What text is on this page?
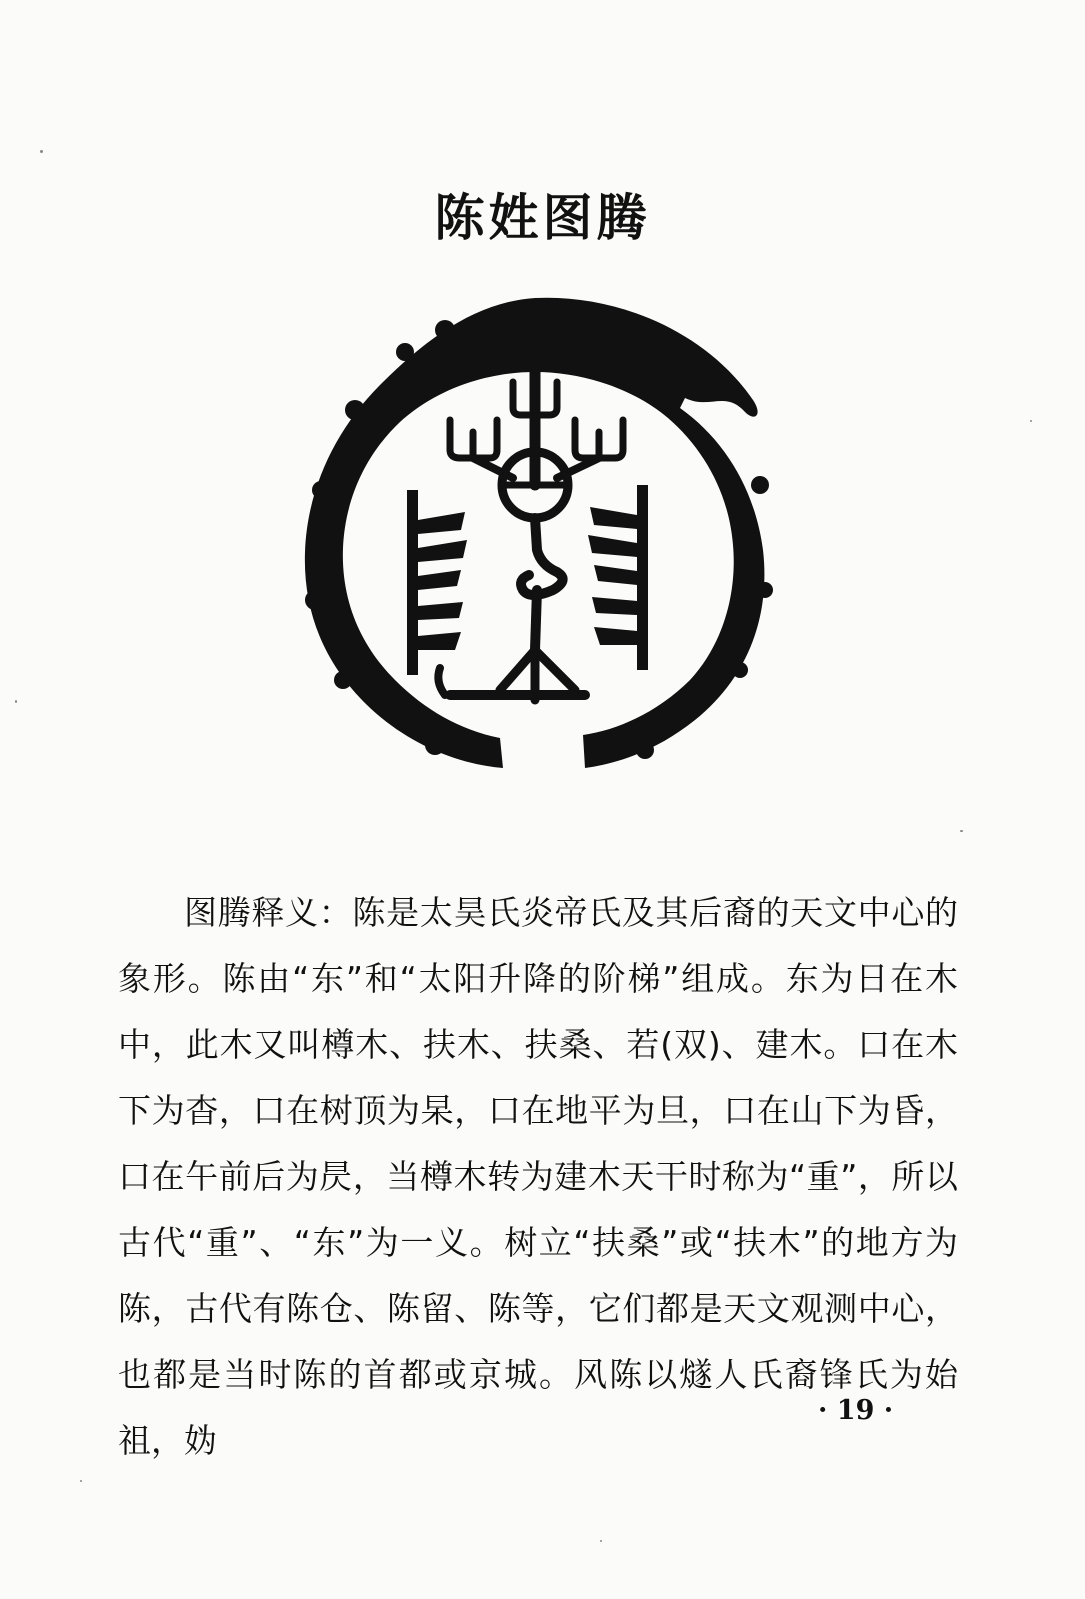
陈姓图腾

图腾释义：陈是太昊氏炎帝氏及其后裔的天文中心的象形。陈由“东”和“太阳升降的阶梯”组成。东为日在木中，此木又叫樽木、扶木、扶桑、若(双)、建木。口在木下为杳，口在树顶为杲，口在地平为旦，口在山下为昏，口在午前后为昃，当樽木转为建木天干时称为“重”，所以古代“重”、“东”为一义。树立“扶桑”或“扶木”的地方为陈，古代有陈仓、陈留、陈等，它们都是天文观测中心，也都是当时陈的首都或京城。风陈以燧人氏裔锋氏为始祖，妫

· 19 ·
